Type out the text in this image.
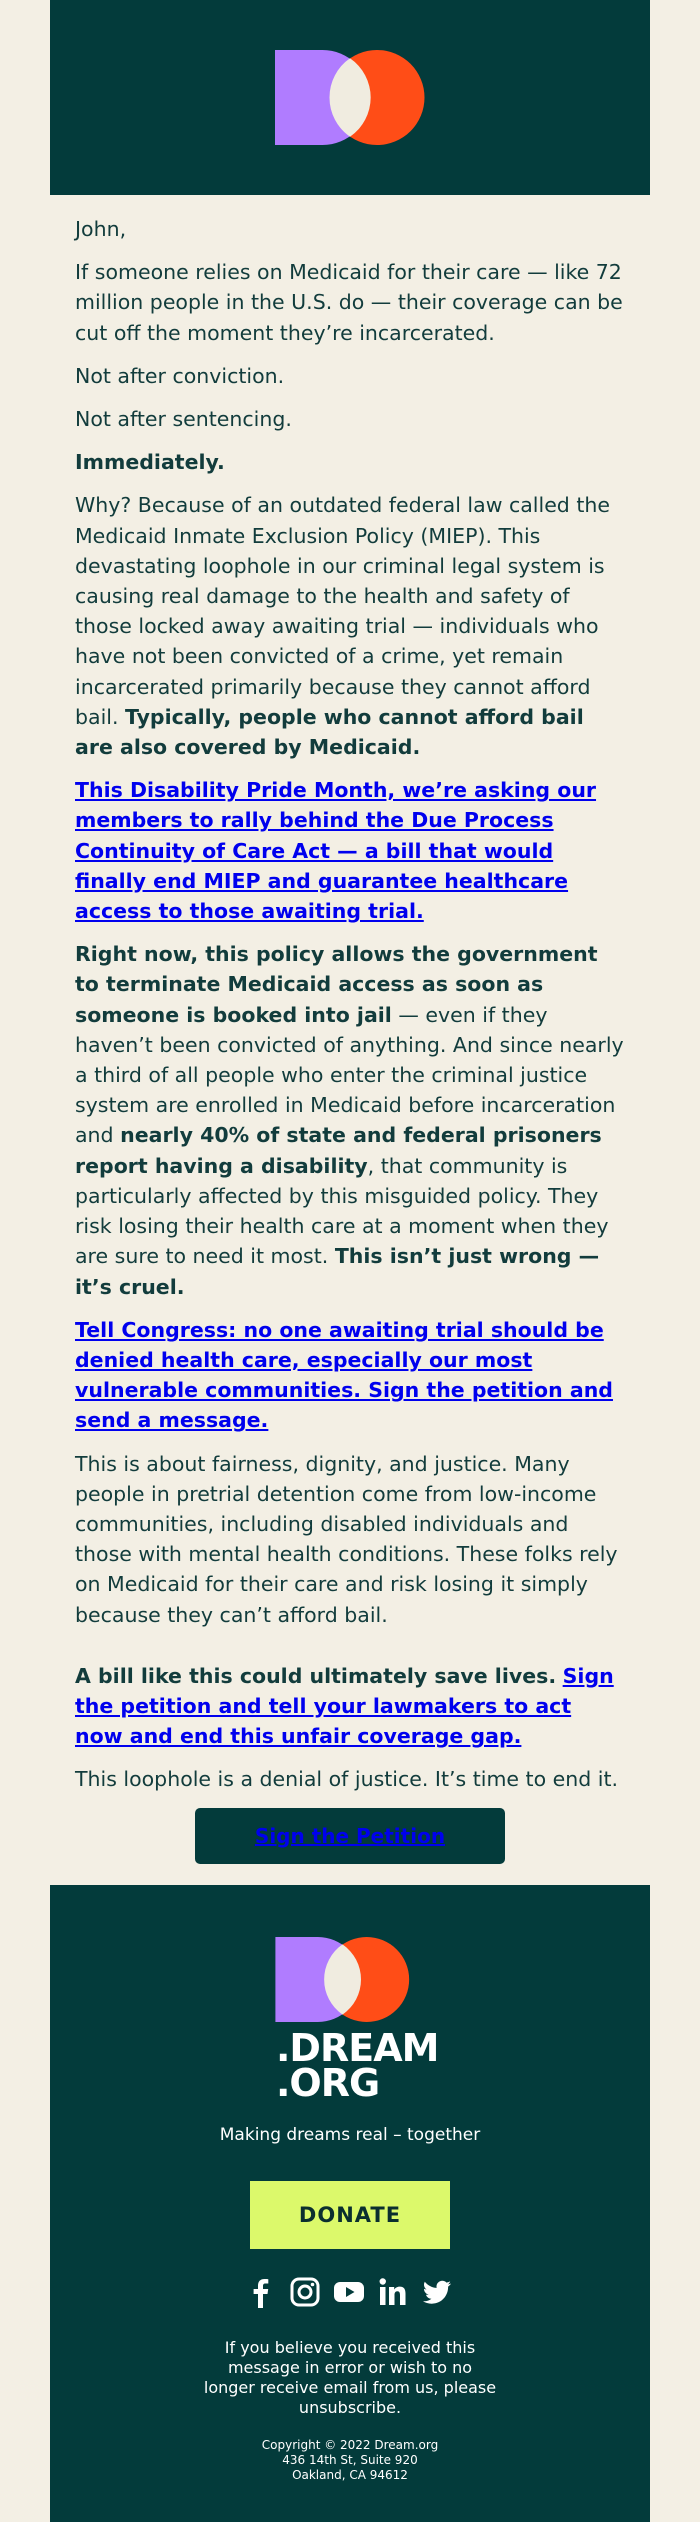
John,

If someone relies on Medicaid for their care — like 72 million people in the U.S. do — their coverage can be cut off the moment they’re incarcerated.

Not after conviction.

Not after sentencing.

Immediately.

Why? Because of an outdated federal law called the Medicaid Inmate Exclusion Policy (MIEP). This devastating loophole in our criminal legal system is causing real damage to the health and safety of those locked away awaiting trial — individuals who have not been convicted of a crime, yet remain incarcerated primarily because they cannot afford bail. Typically, people who cannot afford bail are also covered by Medicaid.

This Disability Pride Month, we’re asking our members to rally behind the Due Process Continuity of Care Act — a bill that would finally end MIEP and guarantee healthcare access to those awaiting trial.

Right now, this policy allows the government to terminate Medicaid access as soon as someone is booked into jail — even if they haven’t been convicted of anything. And since nearly a third of all people who enter the criminal justice system are enrolled in Medicaid before incarceration and nearly 40% of state and federal prisoners report having a disability, that community is particularly affected by this misguided policy. They risk losing their health care at a moment when they are sure to need it most. This isn’t just wrong — it’s cruel.

Tell Congress: no one awaiting trial should be denied health care, especially our most vulnerable communities. Sign the petition and send a message.

This is about fairness, dignity, and justice. Many people in pretrial detention come from low-income communities, including disabled individuals and those with mental health conditions. These folks rely on Medicaid for their care and risk losing it simply because they can’t afford bail.

A bill like this could ultimately save lives. Sign the petition and tell your lawmakers to act now and end this unfair coverage gap.

This loophole is a denial of justice. It’s time to end it.

Sign the Petition

.DREAM
.ORG
Making dreams real – together
DONATE
If you believe you received this message in error or wish to no longer receive email from us, please unsubscribe.
Copyright © 2022 Dream.org
436 14th St, Suite 920
Oakland, CA 94612
